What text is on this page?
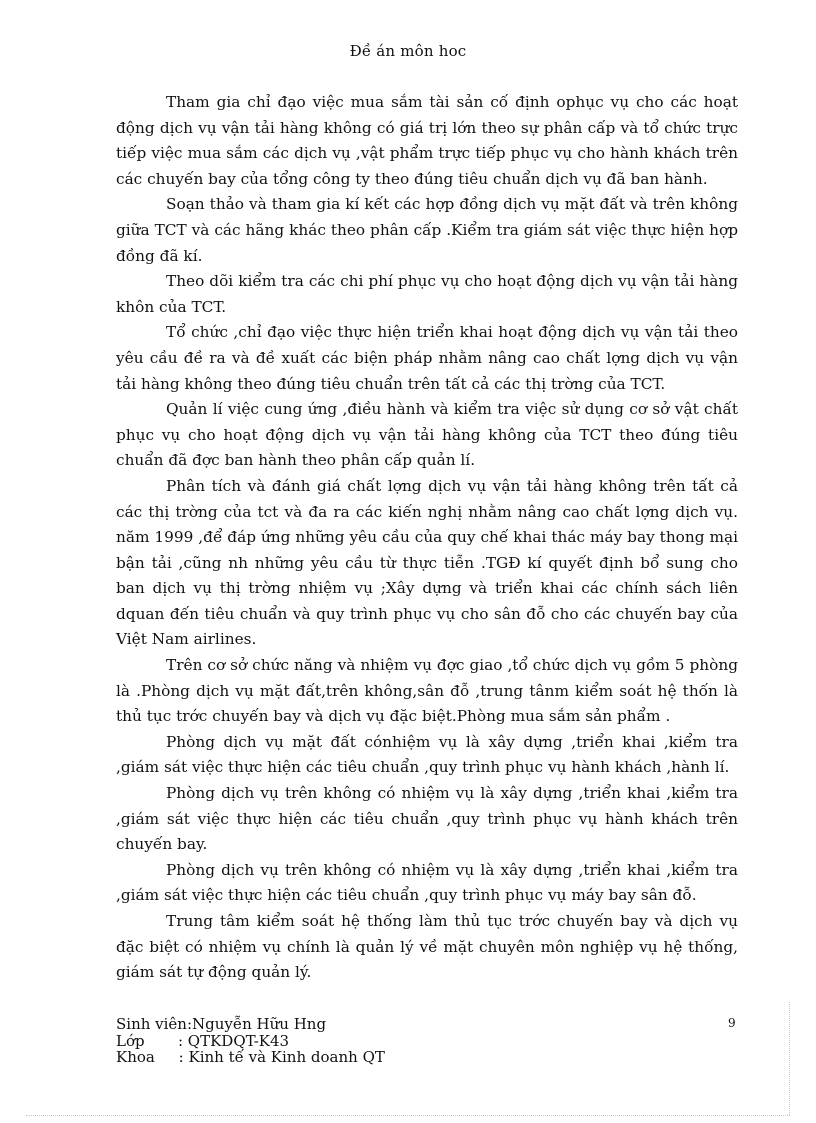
Đề án môn hoc

Tham gia chỉ đạo việc mua sắm tài sản cố định ophục vụ cho các hoạt động dịch vụ vận tải hàng không có giá trị lớn theo sự phân cấp và tổ chức trực tiếp việc mua sắm các dịch vụ ,vật phẩm trực tiếp phục vụ cho hành khách trên các chuyến bay của tổng công ty theo đúng tiêu chuẩn dịch vụ đã ban hành.

Soạn thảo và tham gia kí kết các hợp đồng dịch vụ mặt đất và trên không giữa TCT và các hãng khác theo phân cấp .Kiểm tra giám sát việc thực hiện hợp đồng đã kí.

Theo dõi kiểm tra các chi phí phục vụ cho hoạt động dịch vụ vận tải hàng khôn của TCT.

Tổ chức ,chỉ đạo việc thực hiện triển khai hoạt động dịch vụ vận tải theo yêu cầu đề ra và đề xuất các biện pháp nhằm nâng cao chất lợng dịch vụ vận tải hàng không theo đúng tiêu chuẩn trên tất cả các thị trờng của TCT.

Quản lí việc cung ứng ,điều hành và kiểm tra việc sử dụng cơ sở vật chất phục vụ cho hoạt động dịch vụ vận tải hàng không của TCT theo đúng tiêu chuẩn đã đợc ban hành theo phân cấp quản lí.

Phân tích và đánh giá chất lợng dịch vụ vận tải hàng không trên tất cả các thị trờng của tct và đa ra các kiến nghị nhằm nâng cao chất lợng dịch vụ. năm 1999 ,để đáp ứng những yêu cầu của quy chế khai thác máy bay thong mại bận tải ,cũng nh những yêu cầu từ thực tiễn .TGĐ kí quyết định bổ sung cho ban dịch vụ thị trờng nhiệm vụ ;Xây dựng và triển khai các chính sách liên dquan đến tiêu chuẩn và quy trình phục vụ cho sân đỗ cho các chuyến bay của Việt Nam airlines.

Trên cơ sở chức năng và nhiệm vụ đợc giao ,tổ chức dịch vụ gồm 5 phòng là .Phòng dịch vụ mặt đất,trên không,sân đỗ ,trung tânm kiểm soát hệ thốn là thủ tục trớc chuyến bay và dịch vụ đặc biệt.Phòng mua sắm sản phẩm .

Phòng dịch vụ mặt đất cónhiệm vụ là xây dựng ,triển khai ,kiểm tra ,giám sát việc thực hiện các tiêu chuẩn ,quy trình phục vụ hành khách ,hành lí.

Phòng dịch vụ trên không có nhiệm vụ là xây dựng ,triển khai ,kiểm tra ,giám sát việc thực hiện các tiêu chuẩn ,quy trình phục vụ hành khách trên chuyến bay.

Phòng dịch vụ trên không có nhiệm vụ là xây dựng ,triển khai ,kiểm tra ,giám sát việc thực hiện các tiêu chuẩn ,quy trình phục vụ máy bay sân đỗ.

Trung tâm kiểm soát hệ thống làm thủ tục trớc chuyến bay và dịch vụ đặc biệt có nhiệm vụ chính là quản lý về mặt chuyên môn nghiệp vụ hệ thống, giám sát tự động quản lý.

Sinh viên:Nguyễn Hữu Hng
Lớp       : QTKDQT-K43
Khoa     : Kinh tế và Kinh doanh QT
9
